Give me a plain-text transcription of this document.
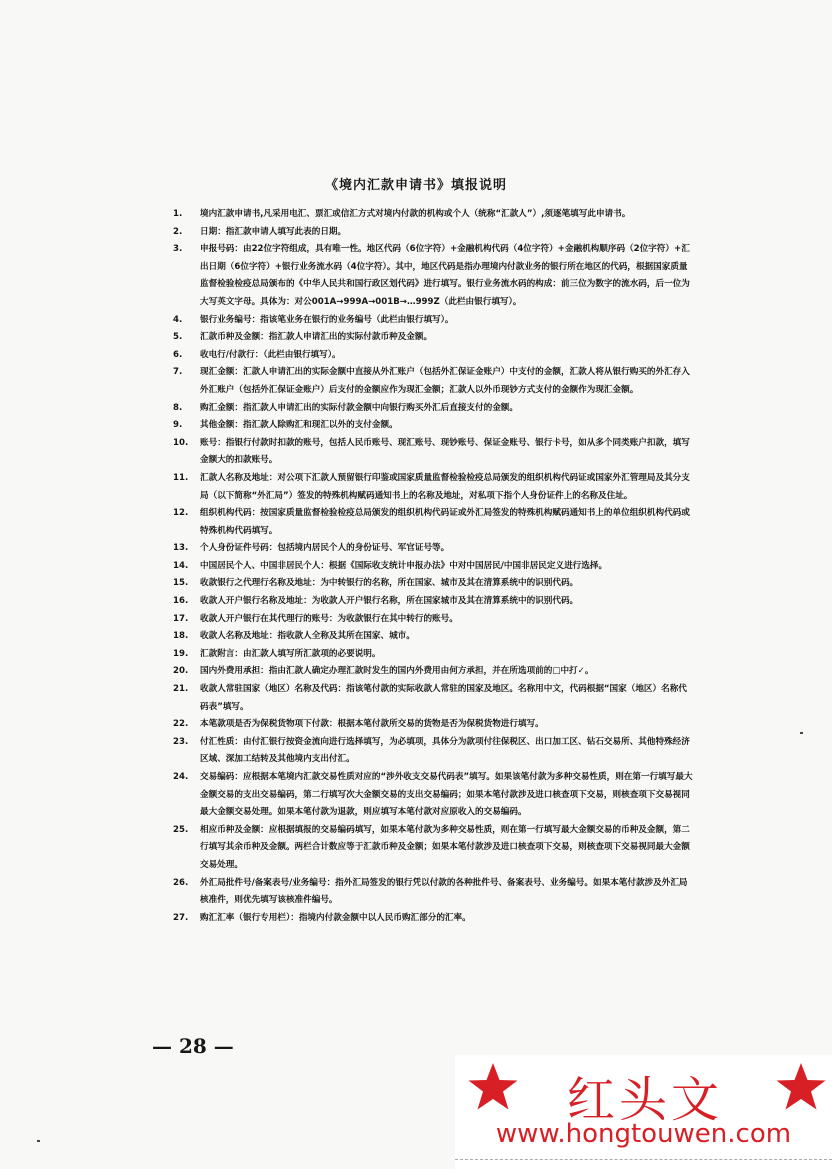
《境内汇款申请书》填报说明
1.	境内汇款申请书,凡采用电汇、票汇或信汇方式对境内付款的机构或个人（统称“汇款人”）,须逐笔填写此申请书。
2.	日期：指汇款申请人填写此表的日期。
3.	申报号码：由22位字符组成，具有唯一性。地区代码（6位字符）+金融机构代码（4位字符）+金融机构顺序码（2位字符）+汇出日期（6位字符）+银行业务流水码（4位字符）。其中，地区代码是指办理境内付款业务的银行所在地区的代码，根据国家质量监督检验检疫总局颁布的《中华人民共和国行政区划代码》进行填写。银行业务流水码的构成：前三位为数字的流水码，后一位为大写英文字母。具体为：对公001A→999A→001B→…999Z（此栏由银行填写）。
4.	银行业务编号：指该笔业务在银行的业务编号（此栏由银行填写）。
5.	汇款币种及金额：指汇款人申请汇出的实际付款币种及金额。
6.	收电行/付款行：（此栏由银行填写）。
7.	现汇金额：汇款人申请汇出的实际金额中直接从外汇账户（包括外汇保证金账户）中支付的金额，汇款人将从银行购买的外汇存入外汇账户（包括外汇保证金账户）后支付的金额应作为现汇金额；汇款人以外币现钞方式支付的金额作为现汇金额。
8.	购汇金额：指汇款人申请汇出的实际付款金额中向银行购买外汇后直接支付的金额。
9.	其他金额：指汇款人除购汇和现汇以外的支付金额。
10.	账号：指银行付款时扣款的账号，包括人民币账号、现汇账号、现钞账号、保证金账号、银行卡号，如从多个同类账户扣款，填写金额大的扣款账号。
11.	汇款人名称及地址：对公项下汇款人预留银行印鉴或国家质量监督检验检疫总局颁发的组织机构代码证或国家外汇管理局及其分支局（以下简称“外汇局”）签发的特殊机构赋码通知书上的名称及地址，对私项下指个人身份证件上的名称及住址。
12.	组织机构代码：按国家质量监督检验检疫总局颁发的组织机构代码证或外汇局签发的特殊机构赋码通知书上的单位组织机构代码或特殊机构代码填写。
13.	个人身份证件号码：包括境内居民个人的身份证号、军官证号等。
14.	中国居民个人、中国非居民个人：根据《国际收支统计申报办法》中对中国居民/中国非居民定义进行选择。
15.	收款银行之代理行名称及地址：为中转银行的名称，所在国家、城市及其在清算系统中的识别代码。
16.	收款人开户银行名称及地址：为收款人开户银行名称，所在国家城市及其在清算系统中的识别代码。
17.	收款人开户银行在其代理行的账号：为收款银行在其中转行的账号。
18.	收款人名称及地址：指收款人全称及其所在国家、城市。
19.	汇款附言：由汇款人填写所汇款项的必要说明。
20.	国内外费用承担：指由汇款人确定办理汇款时发生的国内外费用由何方承担，并在所选项前的□中打✓。
21.	收款人常驻国家（地区）名称及代码：指该笔付款的实际收款人常驻的国家及地区。名称用中文，代码根据“国家（地区）名称代码表”填写。
22.	本笔款项是否为保税货物项下付款：根据本笔付款所交易的货物是否为保税货物进行填写。
23.	付汇性质：由付汇银行按资金流向进行选择填写，为必填项，具体分为款项付往保税区、出口加工区、钻石交易所、其他特殊经济区域、深加工结转及其他境内支出付汇。
24.	交易编码：应根据本笔境内汇款交易性质对应的“涉外收支交易代码表”填写。如果该笔付款为多种交易性质，则在第一行填写最大金额交易的支出交易编码，第二行填写次大金额交易的支出交易编码；如果本笔付款涉及进口核查项下交易，则核查项下交易视同最大金额交易处理。如果本笔付款为退款，则应填写本笔付款对应原收入的交易编码。
25.	相应币种及金额：应根据填报的交易编码填写，如果本笔付款为多种交易性质，则在第一行填写最大金额交易的币种及金额，第二行填写其余币种及金额。两栏合计数应等于汇款币种及金额；如果本笔付款涉及进口核查项下交易，则核查项下交易视同最大金额交易处理。
26.	外汇局批件号/备案表号/业务编号：指外汇局签发的银行凭以付款的各种批件号、备案表号、业务编号。如果本笔付款涉及外汇局核准件，则优先填写该核准件编号。
27.	购汇汇率（银行专用栏）：指境内付款金额中以人民币购汇部分的汇率。
— 28 —
红头文
www.hongtouwen.com
